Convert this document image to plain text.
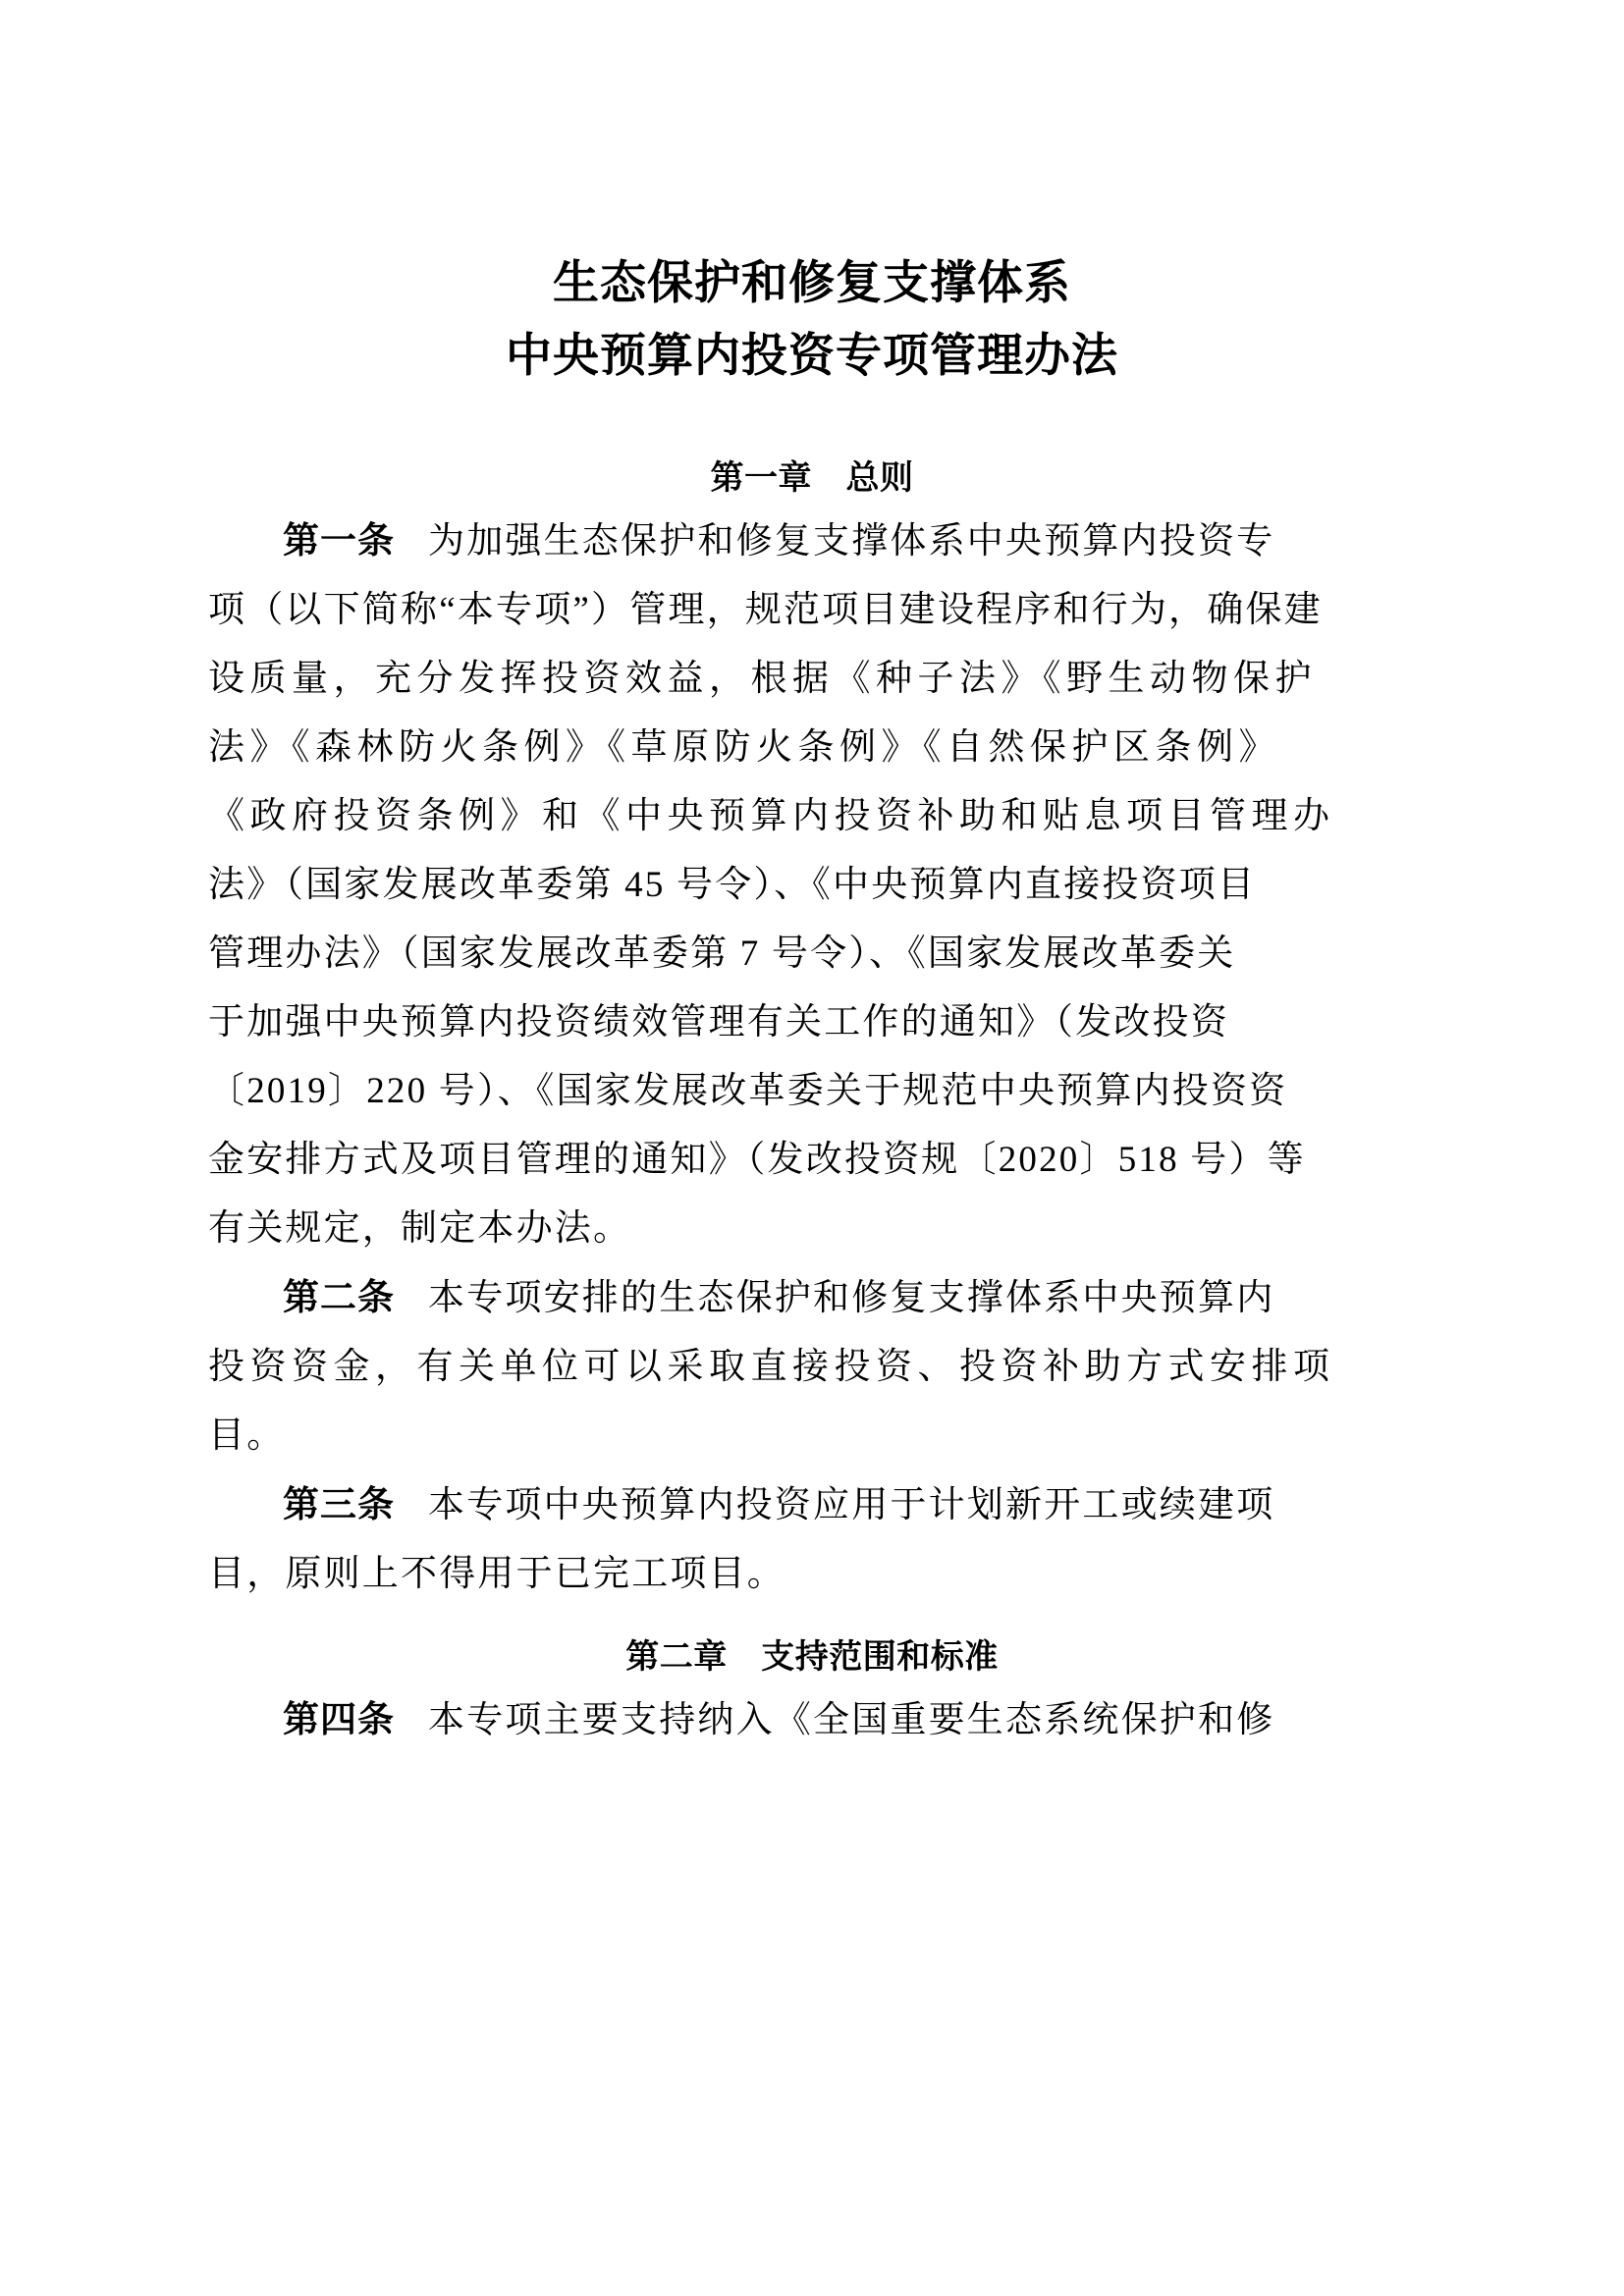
生态保护和修复支撑体系
中央预算内投资专项管理办法
第一章　总则

第一条 为加强生态保护和修复支撑体系中央预算内投资专
项（以下简称“本专项”）管理，规范项目建设程序和行为，确保建
设质量，充分发挥投资效益，根据《种子法》《野生动物保护
法》《森林防火条例》《草原防火条例》《自然保护区条例》
《政府投资条例》和《中央预算内投资补助和贴息项目管理办
法》（国家发展改革委第 45 号令）、《中央预算内直接投资项目
管理办法》（国家发展改革委第 7 号令）、《国家发展改革委关
于加强中央预算内投资绩效管理有关工作的通知》（发改投资
〔2019〕220 号）、《国家发展改革委关于规范中央预算内投资资
金安排方式及项目管理的通知》（发改投资规〔2020〕518 号）等
有关规定，制定本办法。

第二条 本专项安排的生态保护和修复支撑体系中央预算内
投资资金，有关单位可以采取直接投资、投资补助方式安排项
目。

第三条 本专项中央预算内投资应用于计划新开工或续建项
目，原则上不得用于已完工项目。

第二章　支持范围和标准

第四条 本专项主要支持纳入《全国重要生态系统保护和修
